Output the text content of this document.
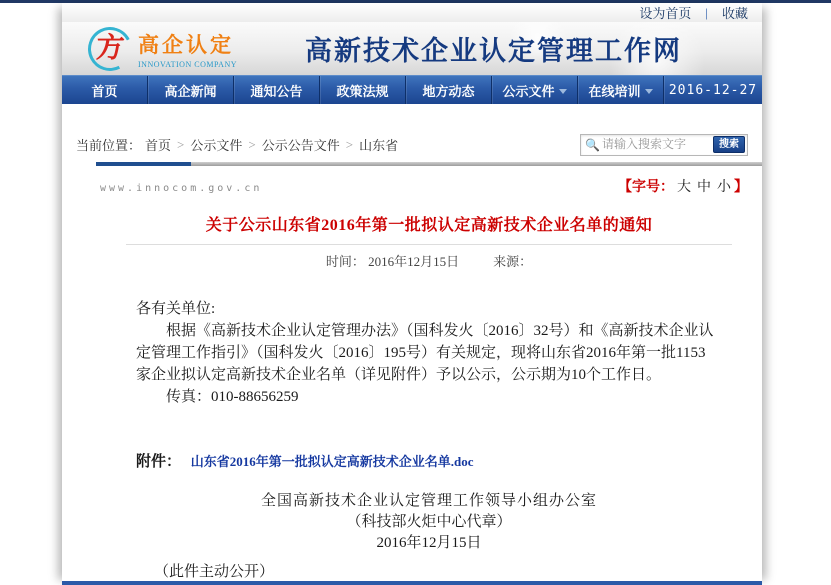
设为首页 | 收藏
方 高企认定
INNOVATION COMPANY	高新技术企业认定管理工作网
首页	高企新闻	通知公告	政策法规	地方动态 公示文件	在线培训	2016-12-27
当前位置： 首页 > 公示文件 > 公示公告文件 > 山东省	🔍
请输入搜索文字	搜索
www.innocom.gov.cn	【字号： 大 中 小 】
关于公示山东省2016年第一批拟认定高新技术企业名单的通知
时间： 2016年12月15日	来源：
各有关单位:
根据《高新技术企业认定管理办法》（国科发火〔2016〕32号）和《高新技术企业认定管理工作指引》（国科发火〔2016〕195号）有关规定，现将山东省2016年第一批1153家企业拟认定高新技术企业名单（详见附件）予以公示，公示期为10个工作日。
传真：010-88656259
附件： 山东省2016年第一批拟认定高新技术企业名单.doc
全国高新技术企业认定管理工作领导小组办公室
（科技部火炬中心代章）
2016年12月15日
（此件主动公开）
